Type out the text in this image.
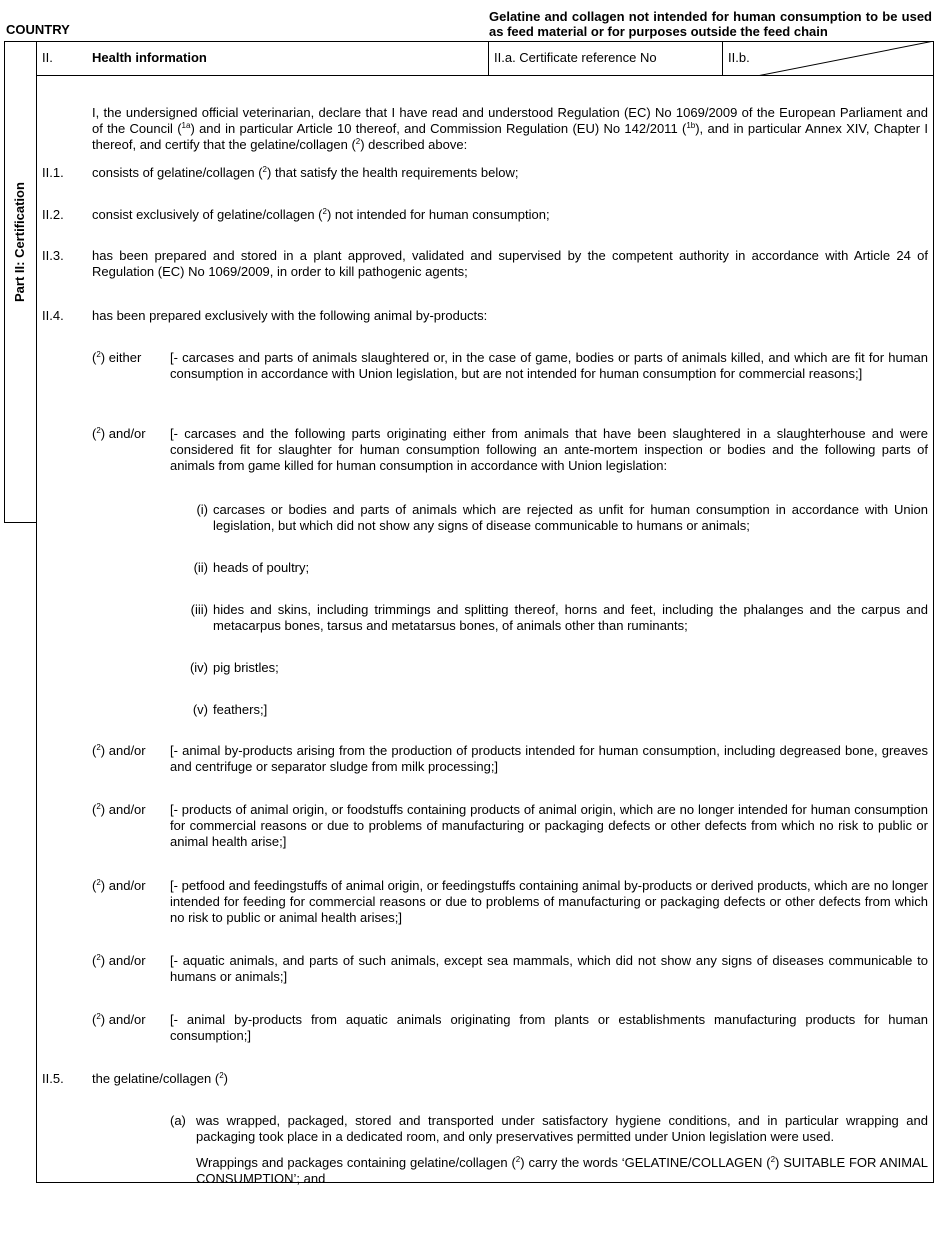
COUNTRY
Gelatine and collagen not intended for human consumption to be used as feed material or for purposes outside the feed chain
Part II: Certification
II.	Health information	II.a. Certificate reference No	II.b.
I, the undersigned official veterinarian, declare that I have read and understood Regulation (EC) No 1069/2009 of the European Parliament and of the Council ($^{1a}$) and in particular Article 10 thereof, and Commission Regulation (EU) No 142/2011 ($^{1b}$), and in particular Annex XIV, Chapter I thereof, and certify that the gelatine/collagen ($^2$) described above:
II.1. consists of gelatine/collagen ($^2$) that satisfy the health requirements below;
II.2. consist exclusively of gelatine/collagen ($^2$) not intended for human consumption;
II.3. has been prepared and stored in a plant approved, validated and supervised by the competent authority in accordance with Article 24 of Regulation (EC) No 1069/2009, in order to kill pathogenic agents;
II.4. has been prepared exclusively with the following animal by-products:
($^2$) either [- carcases and parts of animals slaughtered or, in the case of game, bodies or parts of animals killed, and which are fit for human consumption in accordance with Union legislation, but are not intended for human consumption for commercial reasons;]
($^2$) and/or [- carcases and the following parts originating either from animals that have been slaughtered in a slaughterhouse and were considered fit for slaughter for human consumption following an ante-mortem inspection or bodies and the following parts of animals from game killed for human consumption in accordance with Union legislation:
(i) carcases or bodies and parts of animals which are rejected as unfit for human consumption in accordance with Union legislation, but which did not show any signs of disease communicable to humans or animals;
(ii) heads of poultry;
(iii) hides and skins, including trimmings and splitting thereof, horns and feet, including the phalanges and the carpus and metacarpus bones, tarsus and metatarsus bones, of animals other than ruminants;
(iv) pig bristles;
(v) feathers;]
($^2$) and/or [- animal by-products arising from the production of products intended for human consumption, including degreased bone, greaves and centrifuge or separator sludge from milk processing;]
($^2$) and/or [- products of animal origin, or foodstuffs containing products of animal origin, which are no longer intended for human consumption for commercial reasons or due to problems of manufacturing or packaging defects or other defects from which no risk to public or animal health arise;]
($^2$) and/or [- petfood and feedingstuffs of animal origin, or feedingstuffs containing animal by-products or derived products, which are no longer intended for feeding for commercial reasons or due to problems of manufacturing or packaging defects or other defects from which no risk to public or animal health arises;]
($^2$) and/or [- aquatic animals, and parts of such animals, except sea mammals, which did not show any signs of diseases communicable to humans or animals;]
($^2$) and/or [- animal by-products from aquatic animals originating from plants or establishments manufacturing products for human consumption;]
II.5. the gelatine/collagen ($^2$)
(a) was wrapped, packaged, stored and transported under satisfactory hygiene conditions, and in particular wrapping and packaging took place in a dedicated room, and only preservatives permitted under Union legislation were used.
Wrappings and packages containing gelatine/collagen ($^2$) carry the words ‘GELATINE/COLLAGEN ($^2$) SUITABLE FOR ANIMAL CONSUMPTION’; and
